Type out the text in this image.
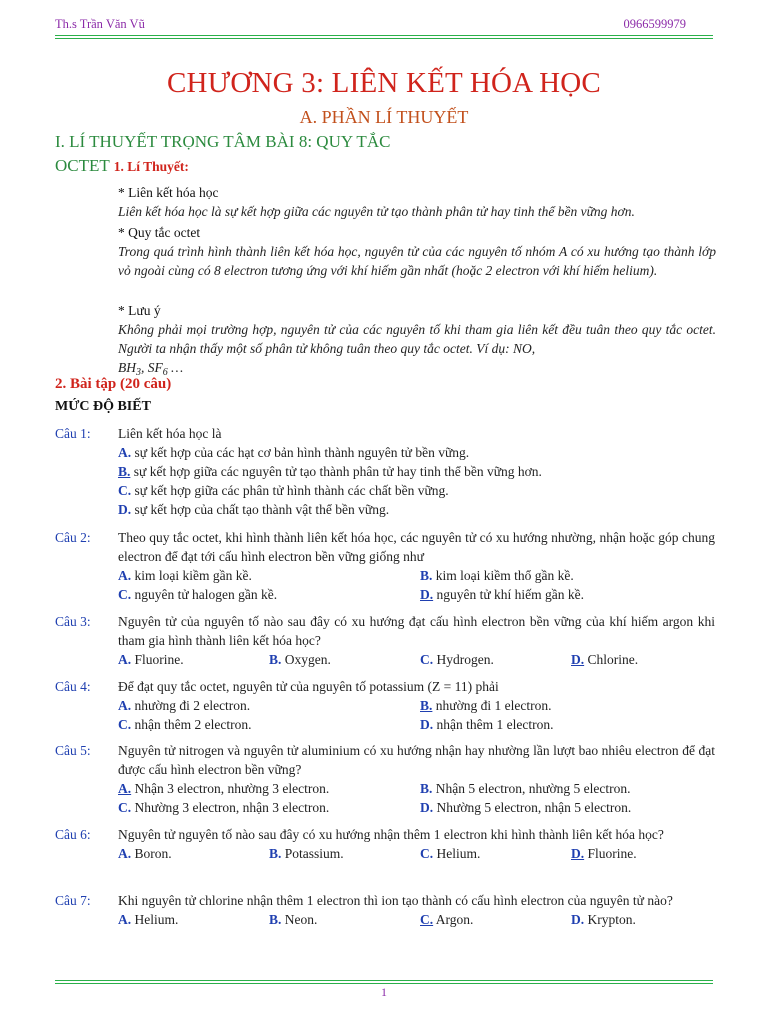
Th.s Trần Văn Vũ	0966599979
CHƯƠNG 3: LIÊN KẾT HÓA HỌC
A. PHẦN LÍ THUYẾT
I. LÍ THUYẾT TRỌNG TÂM BÀI 8: QUY TẮC
OCTET 1. Lí Thuyết:
* Liên kết hóa học
Liên kết hóa học là sự kết hợp giữa các nguyên tử tạo thành phân tử hay tinh thể bền vững hơn.
* Quy tắc octet
Trong quá trình hình thành liên kết hóa học, nguyên tử của các nguyên tố nhóm A có xu hướng tạo thành lớp vỏ ngoài cùng có 8 electron tương ứng với khí hiếm gần nhất (hoặc 2 electron với khí hiếm helium).
* Lưu ý
Không phải mọi trường hợp, nguyên tử của các nguyên tố khi tham gia liên kết đều tuân theo quy tắc octet. Người ta nhận thấy một số phân tử không tuân theo quy tắc octet. Ví dụ: NO,
$BH_3$, $SF_6$ …
2. Bài tập (20 câu)
MỨC ĐỘ BIẾT
Câu 1: Liên kết hóa học là
A. sự kết hợp của các hạt cơ bản hình thành nguyên tử bền vững.
B. sự kết hợp giữa các nguyên tử tạo thành phân tử hay tinh thể bền vững hơn.
C. sự kết hợp giữa các phân tử hình thành các chất bền vững.
D. sự kết hợp của chất tạo thành vật thể bền vững.
Câu 2: Theo quy tắc octet, khi hình thành liên kết hóa học, các nguyên tử có xu hướng nhường, nhận hoặc góp chung electron để đạt tới cấu hình electron bền vững giống như
A. kim loại kiềm gần kề.	B. kim loại kiềm thổ gần kề.
C. nguyên tử halogen gần kề.	D. nguyên tử khí hiếm gần kề.
Câu 3: Nguyên tử của nguyên tố nào sau đây có xu hướng đạt cấu hình electron bền vững của khí hiếm argon khi tham gia hình thành liên kết hóa học?
A. Fluorine.	B. Oxygen.	C. Hydrogen.	D. Chlorine.
Câu 4: Để đạt quy tắc octet, nguyên tử của nguyên tố potassium (Z = 11) phải
A. nhường đi 2 electron.	B. nhường đi 1 electron.
C. nhận thêm 2 electron.	D. nhận thêm 1 electron.
Câu 5: Nguyên tử nitrogen và nguyên tử aluminium có xu hướng nhận hay nhường lần lượt bao nhiêu electron để đạt được cấu hình electron bền vững?
A. Nhận 3 electron, nhường 3 electron.	B. Nhận 5 electron, nhường 5 electron.
C. Nhường 3 electron, nhận 3 electron.	D. Nhường 5 electron, nhận 5 electron.
Câu 6: Nguyên tử nguyên tố nào sau đây có xu hướng nhận thêm 1 electron khi hình thành liên kết hóa học?
A. Boron.	B. Potassium.	C. Helium.	D. Fluorine.
Câu 7: Khi nguyên tử chlorine nhận thêm 1 electron thì ion tạo thành có cấu hình electron của nguyên tử nào?
A. Helium.	B. Neon.	C. Argon.	D. Krypton.
1
